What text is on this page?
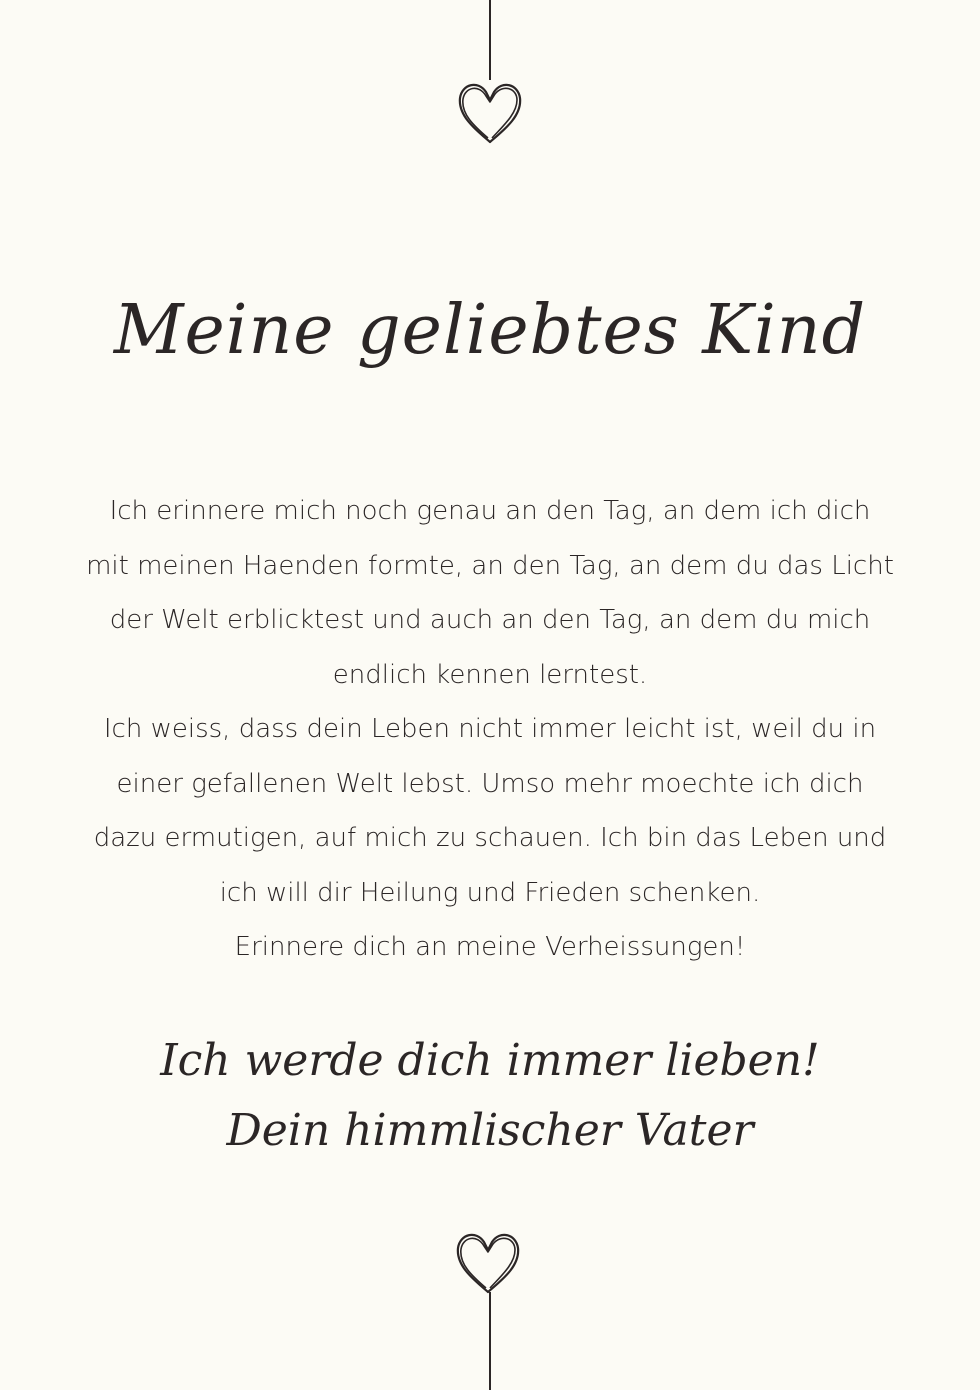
Meine geliebtes Kind
Ich erinnere mich noch genau an den Tag, an dem ich dich mit meinen Haenden formte, an den Tag, an dem du das Licht der Welt erblicktest und auch an den Tag, an dem du mich endlich kennen lerntest.
Ich weiss, dass dein Leben nicht immer leicht ist, weil du in einer gefallenen Welt lebst. Umso mehr moechte ich dich dazu ermutigen, auf mich zu schauen. Ich bin das Leben und ich will dir Heilung und Frieden schenken.
Erinnere dich an meine Verheissungen!
Ich werde dich immer lieben!
Dein himmlischer Vater
